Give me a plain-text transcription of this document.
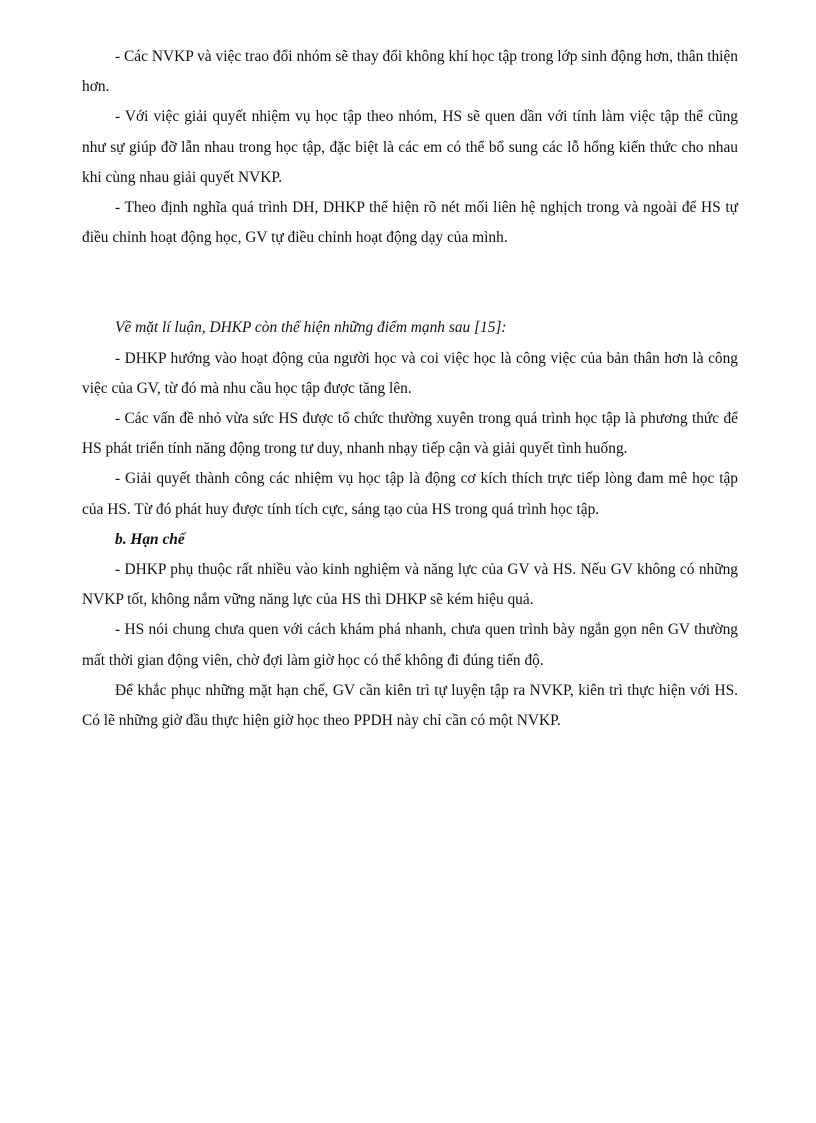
- Các NVKP và việc trao đổi nhóm sẽ thay đổi không khí học tập trong lớp sinh động hơn, thân thiện hơn.

- Với việc giải quyết nhiệm vụ học tập theo nhóm, HS sẽ quen dần với tính làm việc tập thể cũng như sự giúp đỡ lẫn nhau trong học tập, đặc biệt là các em có thể bổ sung các lỗ hổng kiến thức cho nhau khi cùng nhau giải quyết NVKP.

- Theo định nghĩa quá trình DH, DHKP thể hiện rõ nét mối liên hệ nghịch trong và ngoài để HS tự điều chỉnh hoạt động học, GV tự điều chỉnh hoạt động dạy của mình.

Về mặt lí luận, DHKP còn thể hiện những điểm mạnh sau [15]:

- DHKP hướng vào hoạt động của người học và coi việc học là công việc của bản thân hơn là công việc của GV, từ đó mà nhu cầu học tập được tăng lên.

- Các vấn đề nhỏ vừa sức HS được tổ chức thường xuyên trong quá trình học tập là phương thức để HS phát triển tính năng động trong tư duy, nhanh nhạy tiếp cận và giải quyết tình huống.

- Giải quyết thành công các nhiệm vụ học tập là động cơ kích thích trực tiếp lòng đam mê học tập của HS. Từ đó phát huy được tính tích cực, sáng tạo của HS trong quá trình học tập.

b. Hạn chế

- DHKP phụ thuộc rất nhiều vào kinh nghiệm và năng lực của GV và HS. Nếu GV không có những NVKP tốt, không nắm vững năng lực của HS thì DHKP sẽ kém hiệu quả.

- HS nói chung chưa quen với cách khám phá nhanh, chưa quen trình bày ngắn gọn nên GV thường mất thời gian động viên, chờ đợi làm giờ học có thể không đi đúng tiến độ.

Để khắc phục những mặt hạn chế, GV cần kiên trì tự luyện tập ra NVKP, kiên trì thực hiện với HS. Có lẽ những giờ đầu thực hiện giờ học theo PPDH này chỉ cần có một NVKP.
